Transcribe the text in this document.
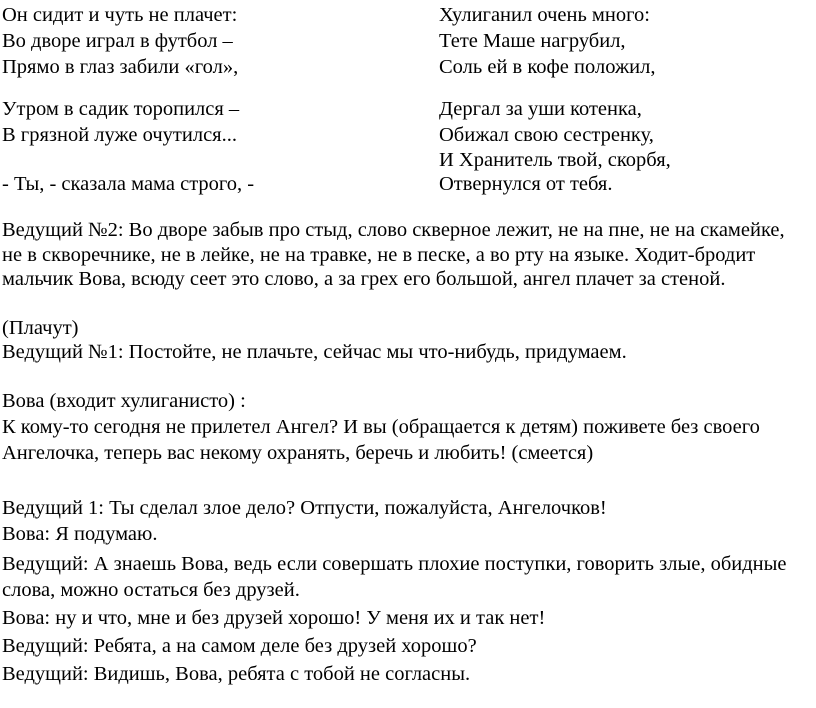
Он сидит и чуть не плачет:
Во дворе играл в футбол –
Прямо в глаз забили «гол»,
Утром в садик торопился –
В грязной луже очутился...
- Ты, - сказала мама строго, -
Хулиганил очень много:
Тете Маше нагрубил,
Соль ей в кофе положил,
Дергал за уши котенка,
Обижал свою сестренку,
И Хранитель твой, скорбя,
Отвернулся от тебя.
Ведущий №2: Во дворе забыв про стыд, слово скверное лежит, не на пне, не на скамейке,
не в скворечнике, не в лейке, не на травке, не в песке, а во рту на языке. Ходит-бродит
мальчик Вова, всюду сеет это слово, а за грех его большой, ангел плачет за стеной.
(Плачут)
Ведущий №1: Постойте, не плачьте, сейчас мы что-нибудь, придумаем.
Вова (входит хулиганисто) :
К кому-то сегодня не прилетел Ангел? И вы (обращается к детям) поживете без своего
Ангелочка, теперь вас некому охранять, беречь и любить! (смеется)
Ведущий 1: Ты сделал злое дело? Отпусти, пожалуйста, Ангелочков!
Вова: Я подумаю.
Ведущий: А знаешь Вова, ведь если совершать плохие поступки, говорить злые, обидные
слова, можно остаться без друзей.
Вова: ну и что, мне и без друзей хорошо! У меня их и так нет!
Ведущий: Ребята, а на самом деле без друзей хорошо?
Ведущий: Видишь, Вова, ребята с тобой не согласны.
